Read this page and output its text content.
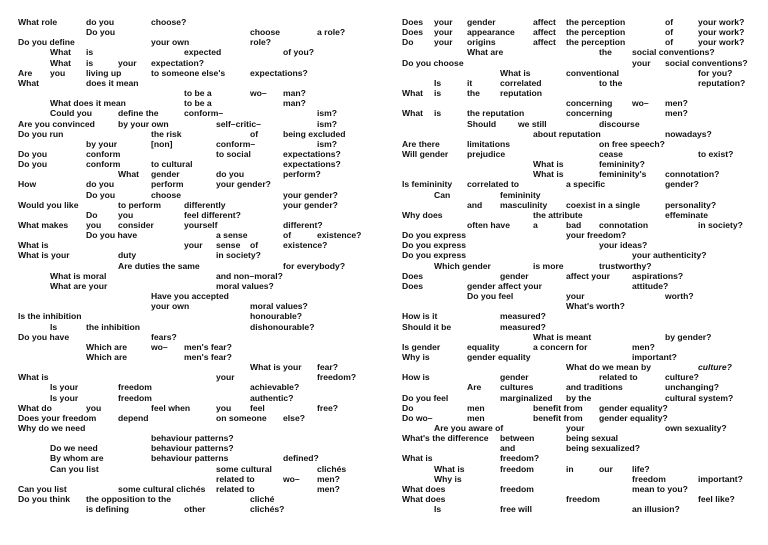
What role	do you	choose?
Do you	choose	a role?
Do you define	your own	role?
What is	expected	of you?
What is	your expectation?
Are you living up	to someone else's	expectations?
What	does it mean
to be a	wo– man?
What does it mean	to be a	man?
Could you	define the	conform–	ism?
Are you convinced	by your own	self–critic–	ism?
Do you run	the risk	of	being excluded
by your	[non]	conform–	ism?
Do you	conform	to social	expectations?
Do you	conform	to cultural	expectations?
What gender	do you	perform?
How	do you	perform	your gender?
Do you	choose	your gender?
Would you like	to perform	differently	your gender?
Do you	feel different?
What makes you consider	yourself	different?
Do you have	a sense	of	existence?
What is	your sense of	existence?
What is your	duty	in society?
Are duties the same	for everybody?
What is moral	and non–moral?
What are your	moral values?
Have you accepted
your own	moral values?
Is the inhibition	honourable?
Is	the inhibition	dishonourable?
Do you have	fears?
Which are	wo– men's fear?
Which are	men's fear?
What is your fear?
What is	your	freedom?
Is your	freedom	achievable?
Is your	freedom	authentic?
What do	you	feel when	you feel	free?
Does your freedom	depend	on someone else?
Why do we need
behaviour patterns?
Do we need	behaviour patterns?
By whom are	behaviour patterns	defined?
Can you list	some cultural	clichés
related to	wo– men?
Can you list	some cultural clichés related to	men?
Do you think the opposition to the	cliché
is defining	other	clichés?
Does your gender	affect the perception	of	your work?
Does your appearance affect the perception	of	your work?
Do your origins	affect the perception	of	your work?
What are	the social conventions?
Do you choose	your social conventions?
What is	conventional	for you?
Is	it	correlated	to the	reputation?
What is	the reputation
concerning wo– men?
What is	the reputation	concerning	men?
Should	we still	discourse
about reputation	nowadays?
Are there	limitations	on free speech?
Will gender prejudice	cease	to exist?
What is	femininity?
What is	femininity's connotation?
Is femininity correlated to	a specific	gender?
Can	femininity
and masculinity coexist in a single	personality?
Why does	the attribute	effeminate
often have	a	bad connotation	in society?
Do you express	your freedom?
Do you express	your ideas?
Do you express	your authenticity?
Which gender	is more	trustworthy?
Does	gender	affect your	aspirations?
Does	gender affect your	attitude?
Do you feel	your	worth?
What's worth?
How is it	measured?
Should it be	measured?
What is meant	by gender?
Is gender	equality	a concern for	men?
Why is	gender equality	important?
What do we mean by	culture?
How is	gender	related to	culture?
Are cultures	and traditions	unchanging?
Do you feel	marginalized by the	cultural system?
Do	men	benefit from gender equality?
Do wo–	men	benefit from gender equality?
Are you aware of	your	own sexuality?
What's the difference between	being sexual
and	being sexualized?
What is	freedom?
What is	freedom	in	our life?
Why is	freedom	important?
What does	freedom	mean to you?
What does	freedom	feel like?
Is	free will	an illusion?
